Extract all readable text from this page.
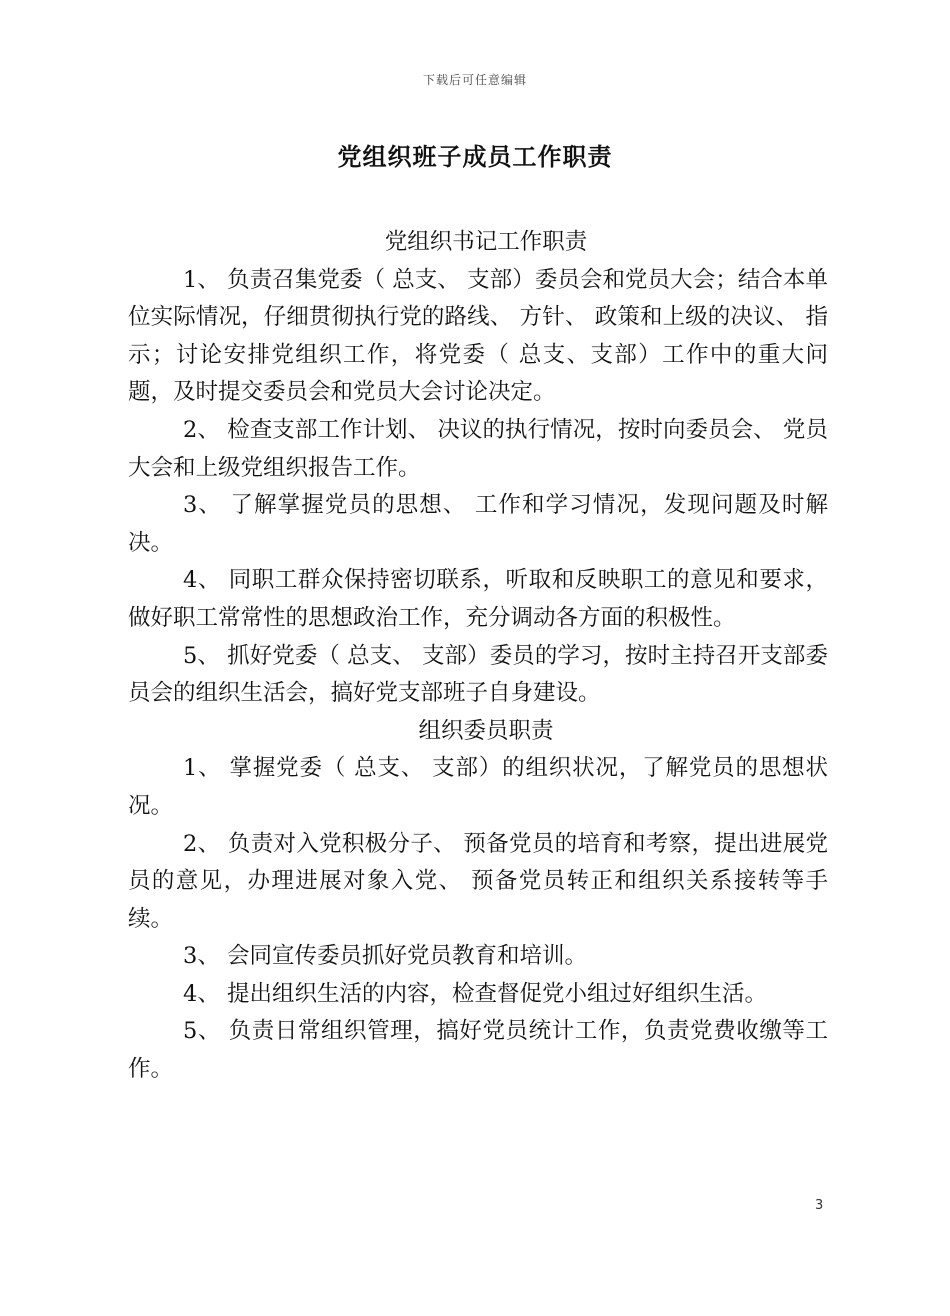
下载后可任意编辑
党组织班子成员工作职责

党组织书记工作职责

1、 负责召集党委（ 总支、 支部）委员会和党员大会；结合本单位实际情况，仔细贯彻执行党的路线、 方针、 政策和上级的决议、 指示；讨论安排党组织工作，将党委（ 总支、支部）工作中的重大问题，及时提交委员会和党员大会讨论决定。

2、 检查支部工作计划、 决议的执行情况，按时向委员会、 党员大会和上级党组织报告工作。

3、 了解掌握党员的思想、 工作和学习情况，发现问题及时解决。

4、 同职工群众保持密切联系，听取和反映职工的意见和要求，做好职工常常性的思想政治工作，充分调动各方面的积极性。

5、 抓好党委（ 总支、 支部）委员的学习，按时主持召开支部委员会的组织生活会，搞好党支部班子自身建设。

组织委员职责

1、 掌握党委（ 总支、 支部）的组织状况，了解党员的思想状况。

2、 负责对入党积极分子、 预备党员的培育和考察，提出进展党员的意见，办理进展对象入党、 预备党员转正和组织关系接转等手续。

3、 会同宣传委员抓好党员教育和培训。

4、 提出组织生活的内容，检查督促党小组过好组织生活。

5、 负责日常组织管理，搞好党员统计工作，负责党费收缴等工作。

3
